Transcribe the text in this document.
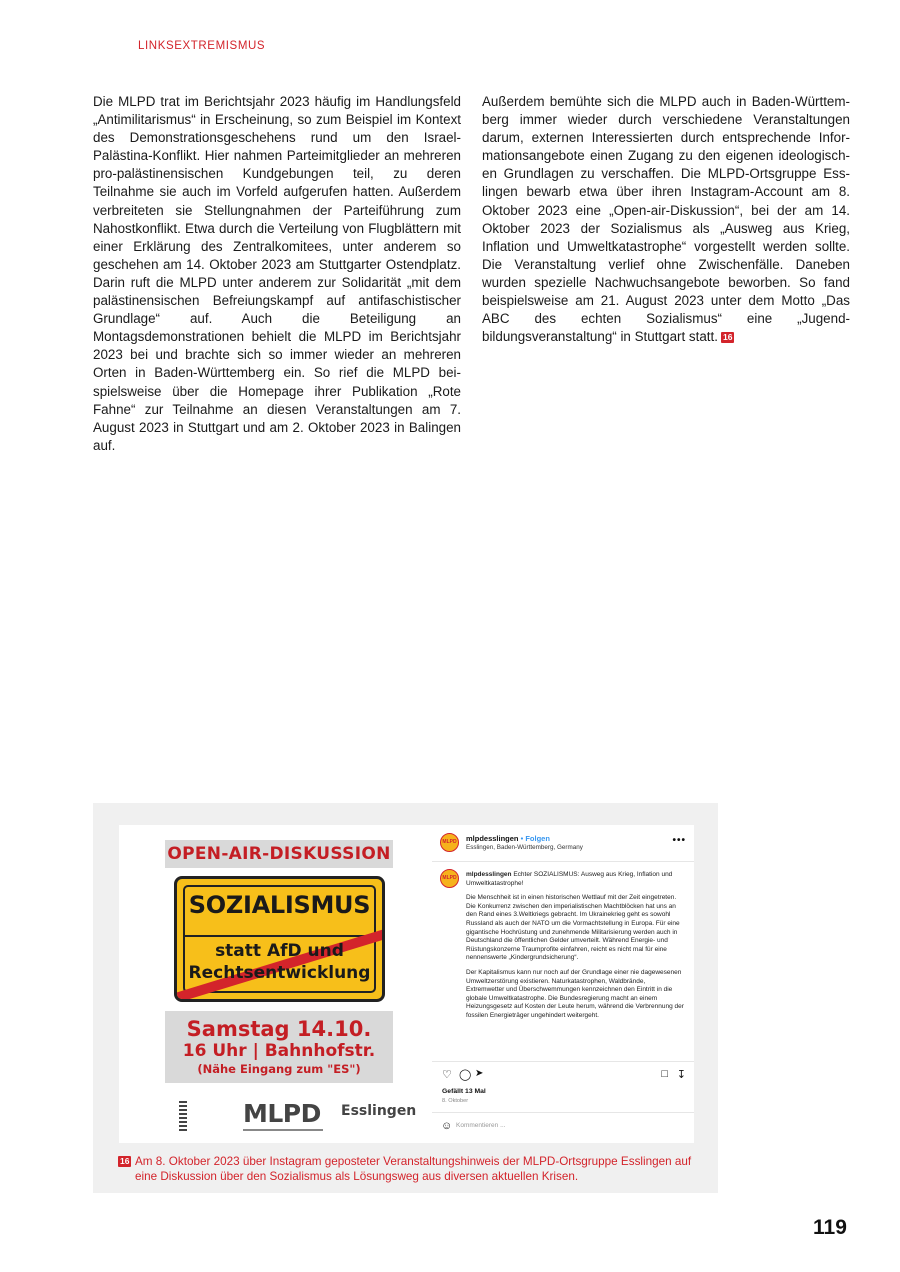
LINKSEXTREMISMUS
Die MLPD trat im Berichtsjahr 2023 häufig im Handlungsfeld „Antimilitarismus“ in Erscheinung, so zum Beispiel im Kontext des Demonstrationsgeschehens rund um den Israel-Palästina-Konflikt. Hier nahmen Parteimitglieder an mehreren pro-palästinensischen Kundgebungen teil, zu deren Teilnahme sie auch im Vorfeld aufgerufen hatten. Außerdem verbreiteten sie Stellungnahmen der Parteiführung zum Nahostkonflikt. Etwa durch die Verteilung von Flugblättern mit einer Erklärung des Zentralkomitees, unter anderem so geschehen am 14. Oktober 2023 am Stuttgarter Ostendplatz. Darin ruft die MLPD unter anderem zur Solidarität „mit dem palästinensischen Befreiungskampf auf antifaschistischer Grundlage“ auf. Auch die Beteiligung an Montagsdemonstrationen behielt die MLPD im Berichtsjahr 2023 bei und brachte sich so immer wieder an mehreren Orten in Baden-Württemberg ein. So rief die MLPD beispielsweise über die Homepage ihrer Publikation „Rote Fahne“ zur Teilnahme an diesen Veranstaltungen am 7. August 2023 in Stuttgart und am 2. Oktober 2023 in Balingen auf.
Außerdem bemühte sich die MLPD auch in Baden-Württemberg immer wieder durch verschiedene Veranstaltungen darum, externen Interessierten durch entsprechende Informationsangebote einen Zugang zu den eigenen ideologischen Grundlagen zu verschaffen. Die MLPD-Ortsgruppe Esslingen bewarb etwa über ihren Instagram-Account am 8. Oktober 2023 eine „Open-air-Diskussion“, bei der am 14. Oktober 2023 der Sozialismus als „Ausweg aus Krieg, Inflation und Umweltkatastrophe“ vorgestellt werden sollte. Die Veranstaltung verlief ohne Zwischenfälle. Daneben wurden spezielle Nachwuchsangebote beworben. So fand beispielsweise am 21. August 2023 unter dem Motto „Das ABC des echten Sozialismus“ eine „Jugendbildungsveranstaltung“ in Stuttgart statt. 16
OPEN-AIR-DISKUSSION
SOZIALISMUS
statt AfD und
Rechtsentwicklung
Samstag 14.10.
16 Uhr | Bahnhofstr.
(Nähe Eingang zum "ES")
MLPD Esslingen
MLPD	mlpdesslingen • Folgen
Esslingen, Baden-Württemberg, Germany
•••
MLPD	mlpdesslingen Echter SOZIALISMUS: Ausweg aus Krieg, Inflation und Umweltkatastrophe!

Die Menschheit ist in einen historischen Wettlauf mit der Zeit eingetreten. Die Konkurrenz zwischen den imperialistischen Machtblöcken hat uns an den Rand eines 3.Weltkriegs gebracht. Im Ukrainekrieg geht es sowohl Russland als auch der NATO um die Vormachtstellung in Europa. Für eine gigantische Hochrüstung und zunehmende Militarisierung werden auch in Deutschland die öffentlichen Gelder umverteilt. Während Energie- und Rüstungskonzerne Traumprofite einfahren, reicht es nicht mal für eine nennenswerte „Kindergrundsicherung“.

Der Kapitalismus kann nur noch auf der Grundlage einer nie dagewesenen Umweltzerstörung existieren. Naturkatastrophen, Waldbrände, Extremwetter und Überschwemmungen kennzeichnen den Eintritt in die globale Umweltkatastrophe. Die Bundesregierung macht an einem Heizungsgesetz auf Kosten der Leute herum, während die Verbrennung der fossilen Energieträger ungehindert weitergeht.

♡ ◯ ➤	□ ↧
Gefällt 13 Mal
8. Oktober
☺ Kommentieren ...
16 Am 8. Oktober 2023 über Instagram geposteter Veranstaltungshinweis der MLPD-Ortsgruppe Esslingen auf eine Diskussion über den Sozialismus als Lösungsweg aus diversen aktuellen Krisen.
119
